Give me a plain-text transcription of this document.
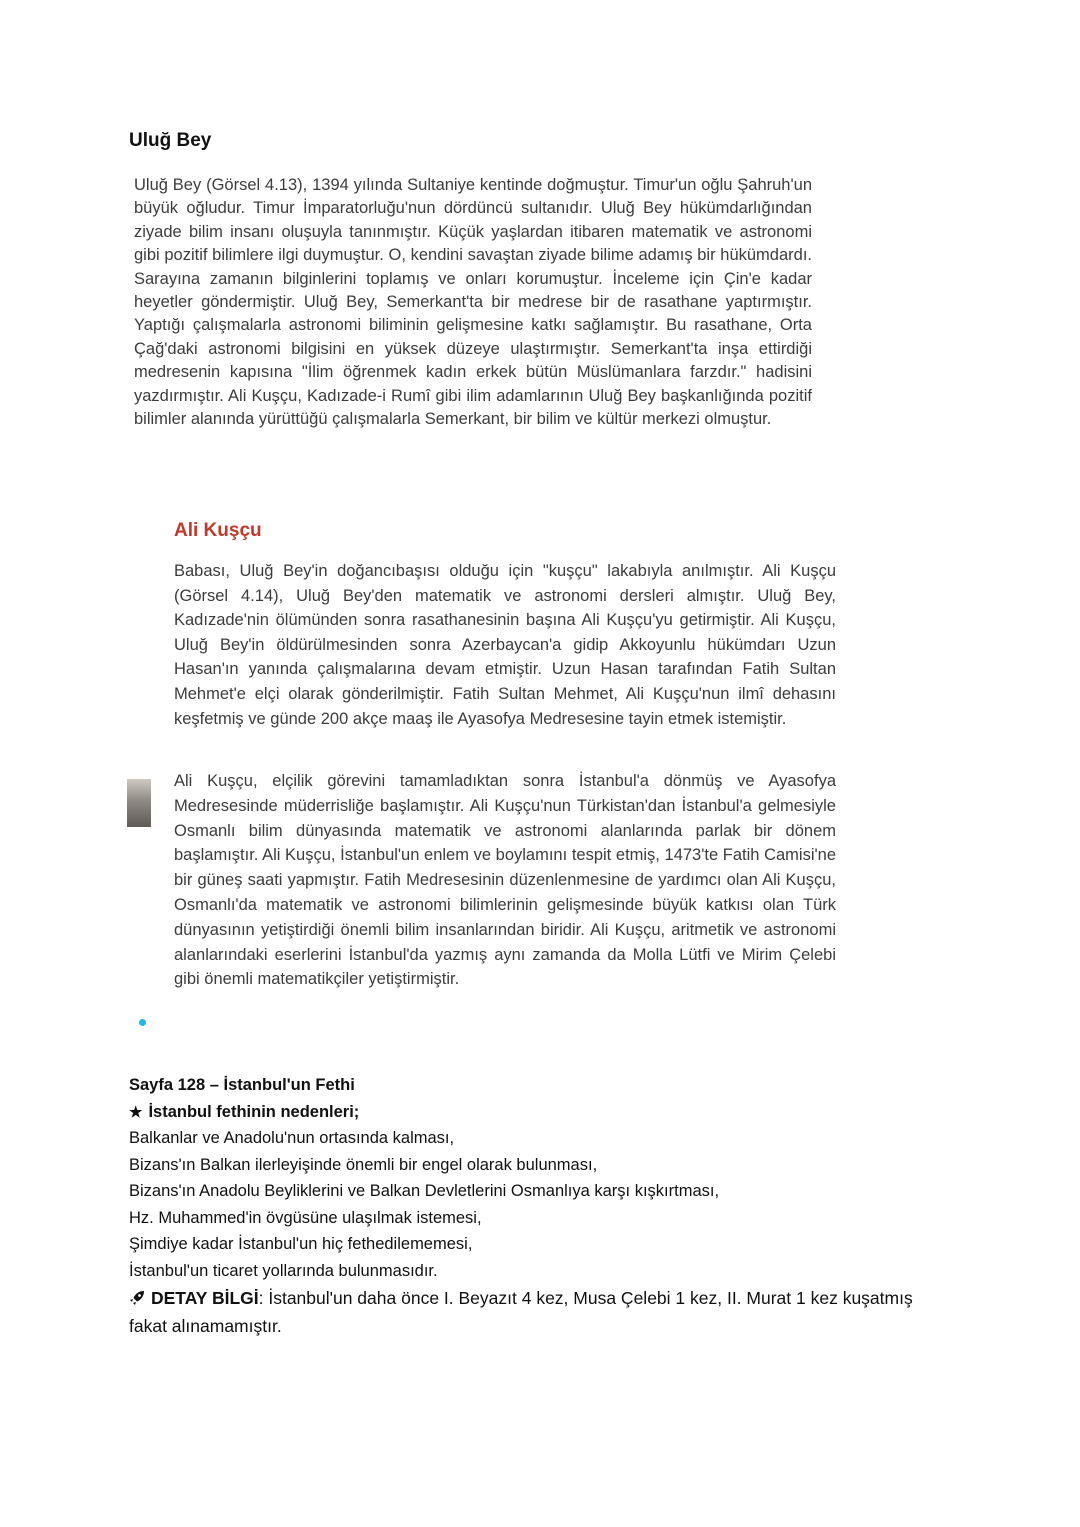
Uluğ Bey

Uluğ Bey (Görsel 4.13), 1394 yılında Sultaniye kentinde doğmuştur. Timur'un oğlu Şahruh'un büyük oğludur. Timur İmparatorluğu'nun dördüncü sultanıdır. Uluğ Bey hükümdarlığından ziyade bilim insanı oluşuyla tanınmıştır. Küçük yaşlardan itibaren matematik ve astronomi gibi pozitif bilimlere ilgi duymuştur. O, kendini savaştan ziyade bilime adamış bir hükümdardı. Sarayına zamanın bilginlerini toplamış ve onları korumuştur. İnceleme için Çin'e kadar heyetler göndermiştir. Uluğ Bey, Semerkant'ta bir medrese bir de rasathane yaptırmıştır. Yaptığı çalışmalarla astronomi biliminin gelişmesine katkı sağlamıştır. Bu rasathane, Orta Çağ'daki astronomi bilgisini en yüksek düzeye ulaştırmıştır. Semerkant'ta inşa ettirdiği medresenin kapısına "İlim öğrenmek kadın erkek bütün Müslümanlara farzdır." hadisini yazdırmıştır. Ali Kuşçu, Kadızade-i Rumî gibi ilim adamlarının Uluğ Bey başkanlığında pozitif bilimler alanında yürüttüğü çalışmalarla Semerkant, bir bilim ve kültür merkezi olmuştur.

Ali Kuşçu

Babası, Uluğ Bey'in doğancıbaşısı olduğu için "kuşçu" lakabıyla anılmıştır. Ali Kuşçu (Görsel 4.14), Uluğ Bey'den matematik ve astronomi dersleri almıştır. Uluğ Bey, Kadızade'nin ölümünden sonra rasathanesinin başına Ali Kuşçu'yu getirmiştir. Ali Kuşçu, Uluğ Bey'in öldürülmesinden sonra Azerbaycan'a gidip Akkoyunlu hükümdarı Uzun Hasan'ın yanında çalışmalarına devam etmiştir. Uzun Hasan tarafından Fatih Sultan Mehmet'e elçi olarak gönderilmiştir. Fatih Sultan Mehmet, Ali Kuşçu'nun ilmî dehasını keşfetmiş ve günde 200 akçe maaş ile Ayasofya Medresesine tayin etmek istemiştir.

Ali Kuşçu, elçilik görevini tamamladıktan sonra İstanbul'a dönmüş ve Ayasofya Medresesinde müderrisliğe başlamıştır. Ali Kuşçu'nun Türkistan'dan İstanbul'a gelmesiyle Osmanlı bilim dünyasında matematik ve astronomi alanlarında parlak bir dönem başlamıştır. Ali Kuşçu, İstanbul'un enlem ve boylamını tespit etmiş, 1473'te Fatih Camisi'ne bir güneş saati yapmıştır. Fatih Medresesinin düzenlenmesine de yardımcı olan Ali Kuşçu, Osmanlı'da matematik ve astronomi bilimlerinin gelişmesinde büyük katkısı olan Türk dünyasının yetiştirdiği önemli bilim insanlarından biridir. Ali Kuşçu, aritmetik ve astronomi alanlarındaki eserlerini İstanbul'da yazmış aynı zamanda da Molla Lütfi ve Mirim Çelebi gibi önemli matematikçiler yetiştirmiştir.

Sayfa 128 – İstanbul'un Fethi
★ İstanbul fethinin nedenleri;
Balkanlar ve Anadolu'nun ortasında kalması,
Bizans'ın Balkan ilerleyişinde önemli bir engel olarak bulunması,
Bizans'ın Anadolu Beyliklerini ve Balkan Devletlerini Osmanlıya karşı kışkırtması,
Hz. Muhammed'in övgüsüne ulaşılmak istemesi,
Şimdiye kadar İstanbul'un hiç fethedilememesi,
İstanbul'un ticaret yollarında bulunmasıdır.
DETAY BİLGİ: İstanbul'un daha önce I. Beyazıt 4 kez, Musa Çelebi 1 kez, II. Murat 1 kez kuşatmış fakat alınamamıştır.
